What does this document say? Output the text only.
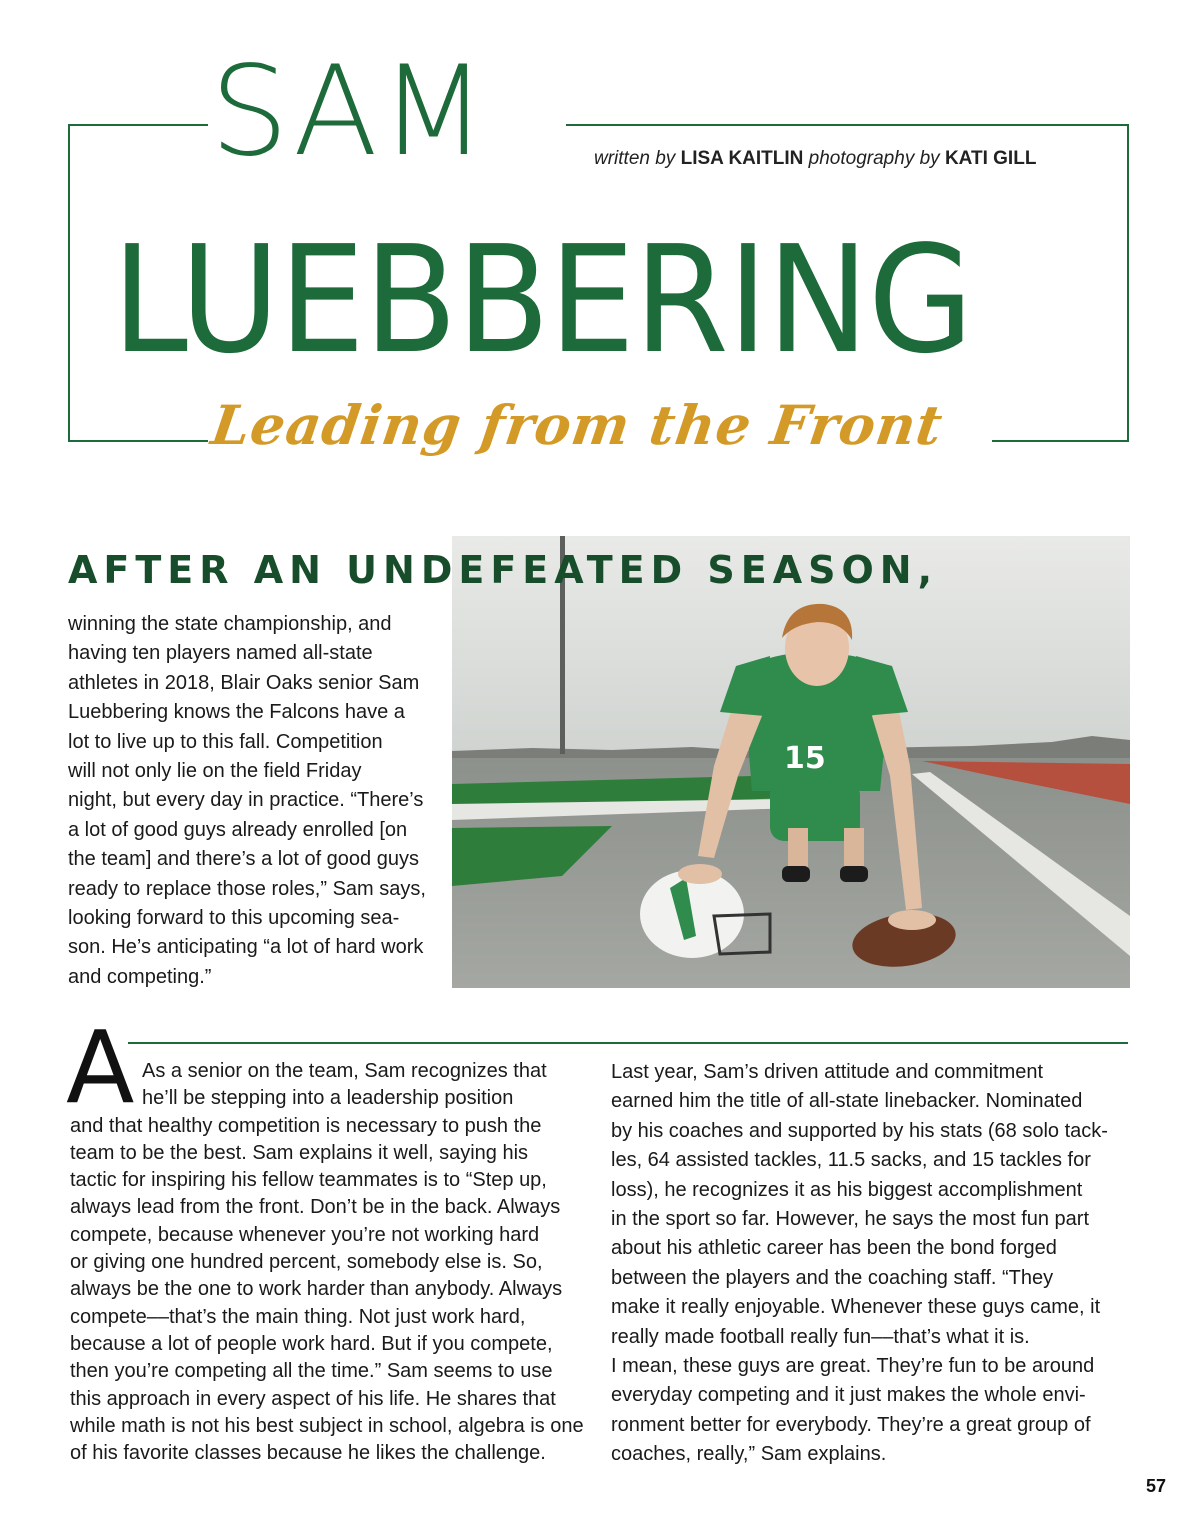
SAM
LUEBBERING
written by LISA KAITLIN photography by KATI GILL
Leading from the Front
15
AFTER AN UNDEFEATED SEASON,
winning the state championship, and
having ten players named all-state
athletes in 2018, Blair Oaks senior Sam
Luebbering knows the Falcons have a
lot to live up to this fall. Competition
will not only lie on the field Friday
night, but every day in practice. “There’s
a lot of good guys already enrolled [on
the team] and there’s a lot of good guys
ready to replace those roles,” Sam says,
looking forward to this upcoming sea-
son. He’s anticipating “a lot of hard work
and competing.”
A As a senior on the team, Sam recognizes that
he’ll be stepping into a leadership position
and that healthy competition is necessary to push the
team to be the best. Sam explains it well, saying his
tactic for inspiring his fellow teammates is to “Step up,
always lead from the front. Don’t be in the back. Always
compete, because whenever you’re not working hard
or giving one hundred percent, somebody else is. So,
always be the one to work harder than anybody. Always
compete––that’s the main thing. Not just work hard,
because a lot of people work hard. But if you compete,
then you’re competing all the time.” Sam seems to use
this approach in every aspect of his life. He shares that
while math is not his best subject in school, algebra is one
of his favorite classes because he likes the challenge.
Last year, Sam’s driven attitude and commitment
earned him the title of all-state linebacker. Nominated
by his coaches and supported by his stats (68 solo tack-
les, 64 assisted tackles, 11.5 sacks, and 15 tackles for
loss), he recognizes it as his biggest accomplishment
in the sport so far. However, he says the most fun part
about his athletic career has been the bond forged
between the players and the coaching staff. “They
make it really enjoyable. Whenever these guys came, it
really made football really fun––that’s what it is.
I mean, these guys are great. They’re fun to be around
everyday competing and it just makes the whole envi-
ronment better for everybody. They’re a great group of
coaches, really,” Sam explains.
57
